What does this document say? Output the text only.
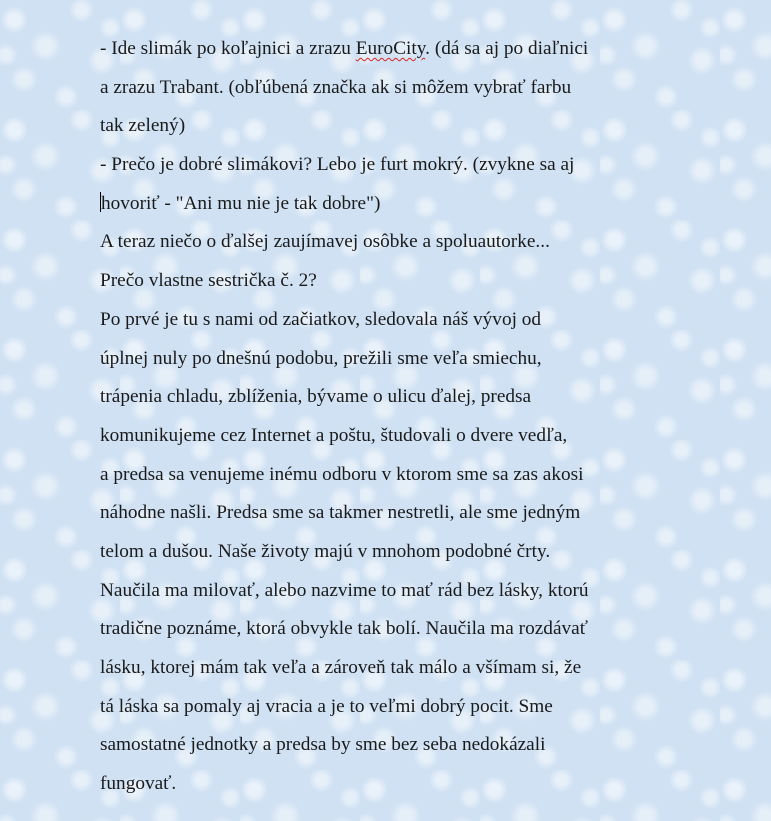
- Ide slimák po koľajnici a zrazu EuroCity. (dá sa aj po diaľnici
a zrazu Trabant. (obľúbená značka ak si môžem vybrať farbu
tak zelený)
- Prečo je dobré slimákovi? Lebo je furt mokrý. (zvykne sa aj
hovoriť - "Ani mu nie je tak dobre")
A teraz niečo o ďalšej zaujímavej osôbke a spoluautorke...
Prečo vlastne sestrička č. 2?
Po prvé je tu s nami od začiatkov, sledovala náš vývoj od
úplnej nuly po dnešnú podobu, prežili sme veľa smiechu,
trápenia chladu, zblíženia, bývame o ulicu ďalej, predsa
komunikujeme cez Internet a poštu, študovali o dvere vedľa,
a predsa sa venujeme inému odboru v ktorom sme sa zas akosi
náhodne našli. Predsa sme sa takmer nestretli, ale sme jedným
telom a dušou. Naše životy majú v mnohom podobné črty.
Naučila ma milovať, alebo nazvime to mať rád bez lásky, ktorú
tradične poznáme, ktorá obvykle tak bolí. Naučila ma rozdávať
lásku, ktorej mám tak veľa a zároveň tak málo a všímam si, že
tá láska sa pomaly aj vracia a je to veľmi dobrý pocit. Sme
samostatné jednotky a predsa by sme bez seba nedokázali
fungovať.
